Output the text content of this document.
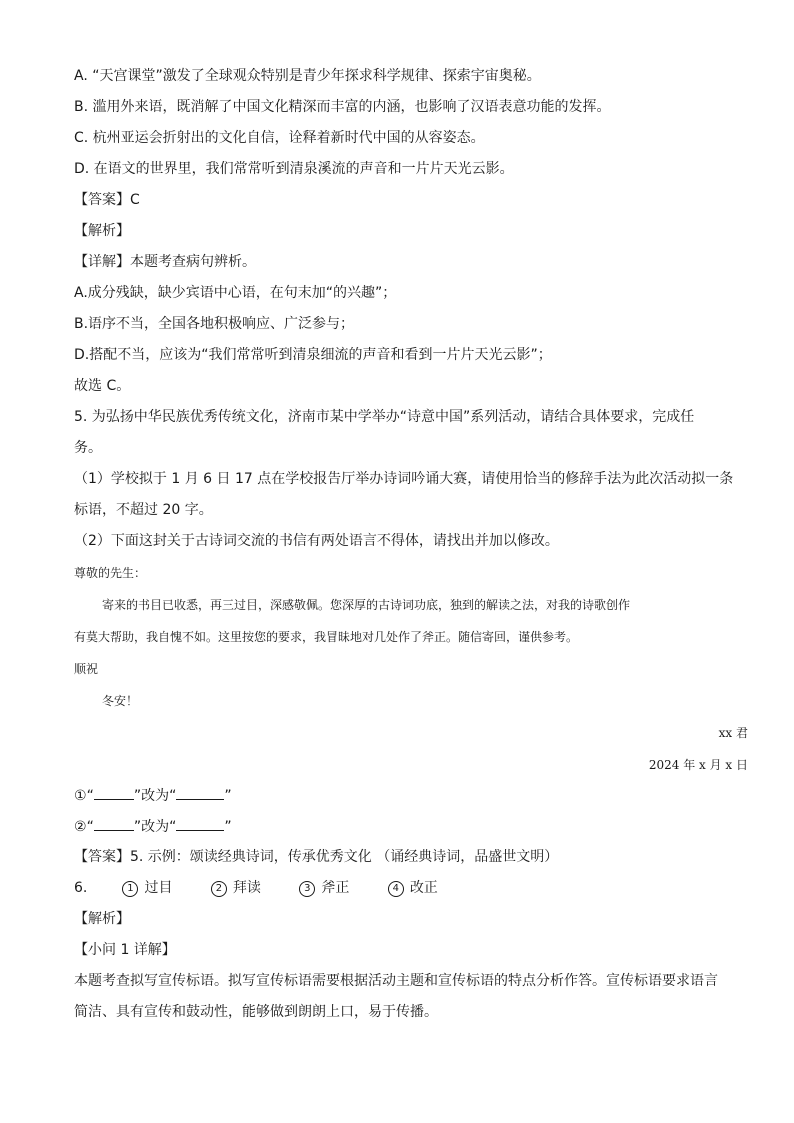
A. “天宫课堂”激发了全球观众特别是青少年探求科学规律、探索宇宙奥秘。
B. 滥用外来语，既消解了中国文化精深而丰富的内涵，也影响了汉语表意功能的发挥。
C. 杭州亚运会折射出的文化自信，诠释着新时代中国的从容姿态。
D. 在语文的世界里，我们常常听到清泉溪流的声音和一片片天光云影。
【答案】C
【解析】
【详解】本题考查病句辨析。
A.成分残缺，缺少宾语中心语，在句末加“的兴趣”；
B.语序不当，全国各地积极响应、广泛参与；
D.搭配不当，应该为“我们常常听到清泉细流的声音和看到一片片天光云影”；
故选 C。
5. 为弘扬中华民族优秀传统文化，济南市某中学举办“诗意中国”系列活动，请结合具体要求，完成任
务。
（1）学校拟于 1 月 6 日 17 点在学校报告厅举办诗词吟诵大赛，请使用恰当的修辞手法为此次活动拟一条
标语，不超过 20 字。
（2）下面这封关于古诗词交流的书信有两处语言不得体，请找出并加以修改。
尊敬的先生：
寄来的书目已收悉，再三过目，深感敬佩。您深厚的古诗词功底，独到的解读之法，对我的诗歌创作
有莫大帮助，我自愧不如。这里按您的要求，我冒昧地对几处作了斧正。随信寄回，谨供参考。
顺祝
冬安！
xx 君
2024 年 x 月 x 日
①“	”改为“	”
②“	”改为“	”
【答案】5. 示例：颂读经典诗词，传承优秀文化 （诵经典诗词，品盛世文明）
6.	1 过目	2 拜读	3 斧正	4 改正
【解析】
【小问 1 详解】
本题考查拟写宣传标语。拟写宣传标语需要根据活动主题和宣传标语的特点分析作答。宣传标语要求语言
简洁、具有宣传和鼓动性，能够做到朗朗上口，易于传播。
